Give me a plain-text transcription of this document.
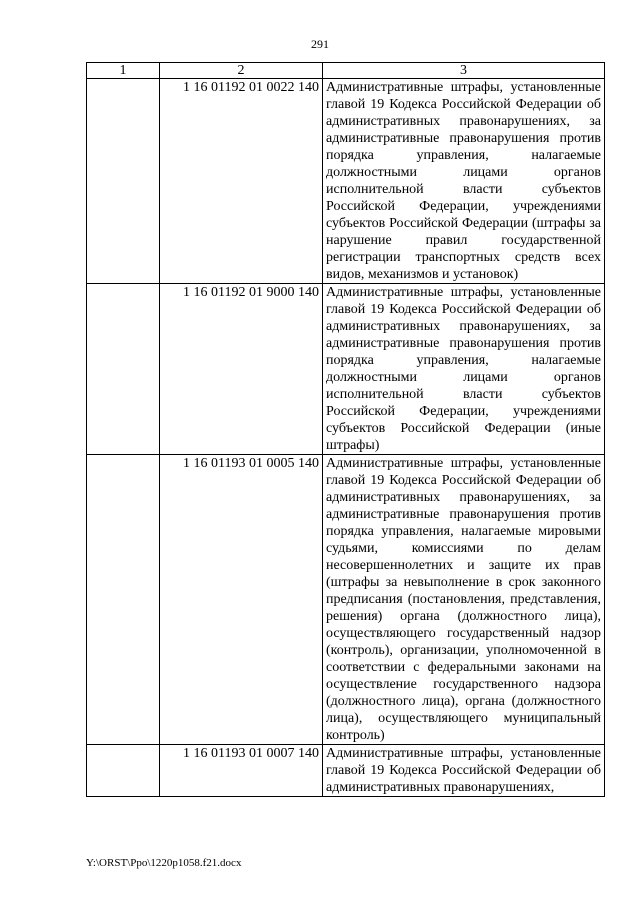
291
1	2	3
	1 16 01192 01 0022 140	Административные штрафы, установленные главой 19 Кодекса Российской Федерации об административных правонарушениях, за административные правонарушения против порядка управления, налагаемые должностными лицами органов исполнительной власти субъектов Российской Федерации, учреждениями субъектов Российской Федерации (штрафы за нарушение правил государственной регистрации транспортных средств всех видов, механизмов и установок)
	1 16 01192 01 9000 140	Административные штрафы, установленные главой 19 Кодекса Российской Федерации об административных правонарушениях, за административные правонарушения против порядка управления, налагаемые должностными лицами органов исполнительной власти субъектов Российской Федерации, учреждениями субъектов Российской Федерации (иные штрафы)
	1 16 01193 01 0005 140	Административные штрафы, установленные главой 19 Кодекса Российской Федерации об административных правонарушениях, за административные правонарушения против порядка управления, налагаемые мировыми судьями, комиссиями по делам несовершеннолетних и защите их прав (штрафы за невыполнение в срок законного предписания (постановления, представления, решения) органа (должностного лица), осуществляющего государственный надзор (контроль), организации, уполномоченной в соответствии с федеральными законами на осуществление государственного надзора (должностного лица), органа (должностного лица), осуществляющего муниципальный контроль)
	1 16 01193 01 0007 140	Административные штрафы, установленные главой 19 Кодекса Российской Федерации об административных правонарушениях,
Y:\ORST\Ppo\1220p1058.f21.docx
